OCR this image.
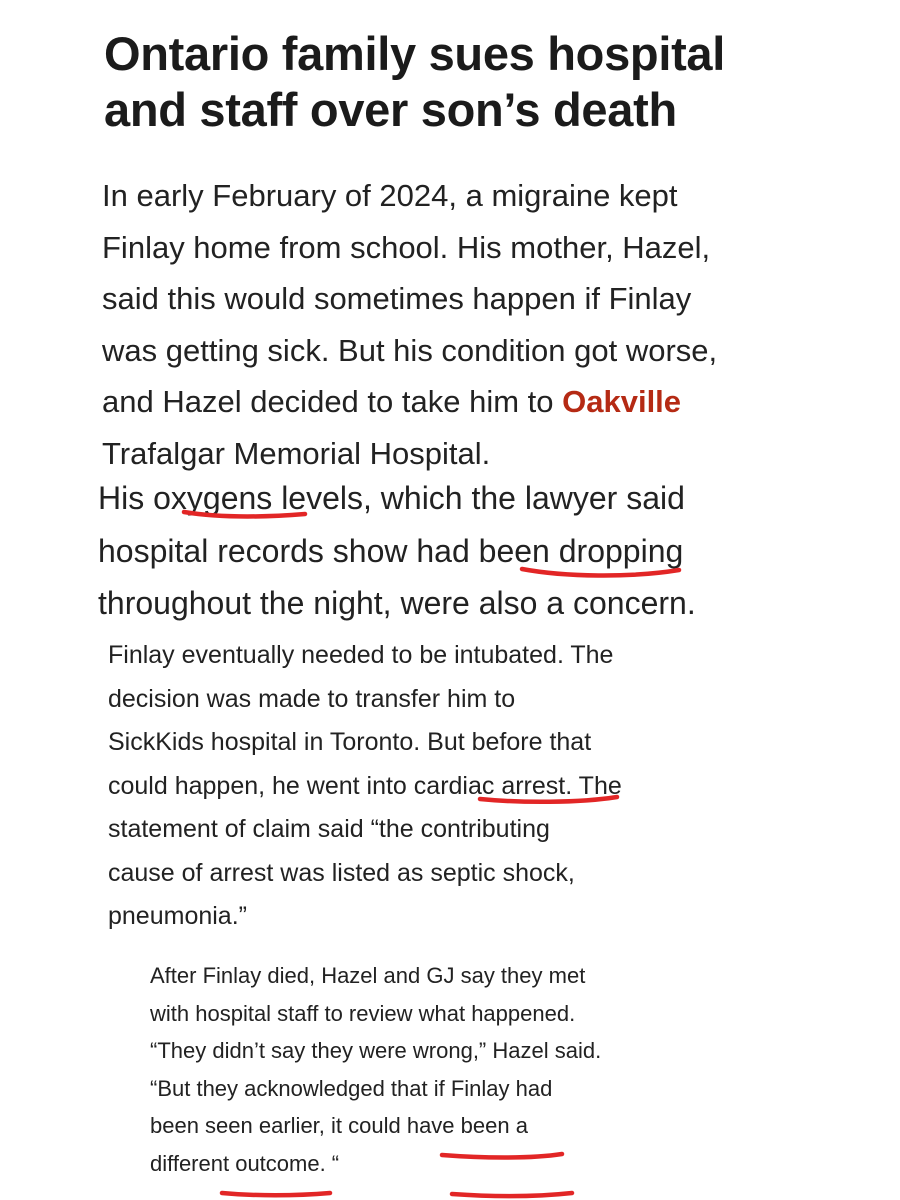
Ontario family sues hospital
and staff over son’s death

In early February of 2024, a migraine kept
Finlay home from school. His mother, Hazel,
said this would sometimes happen if Finlay
was getting sick. But his condition got worse,
and Hazel decided to take him to Oakville
Trafalgar Memorial Hospital.

His oxygens levels, which the lawyer said
hospital records show had been dropping
throughout the night, were also a concern.

Finlay eventually needed to be intubated. The
decision was made to transfer him to
SickKids hospital in Toronto. But before that
could happen, he went into cardiac arrest. The
statement of claim said “the contributing
cause of arrest was listed as septic shock,
pneumonia.”

After Finlay died, Hazel and GJ say they met
with hospital staff to review what happened.
“They didn’t say they were wrong,” Hazel said.
“But they acknowledged that if Finlay had
been seen earlier, it could have been a
different outcome. “
